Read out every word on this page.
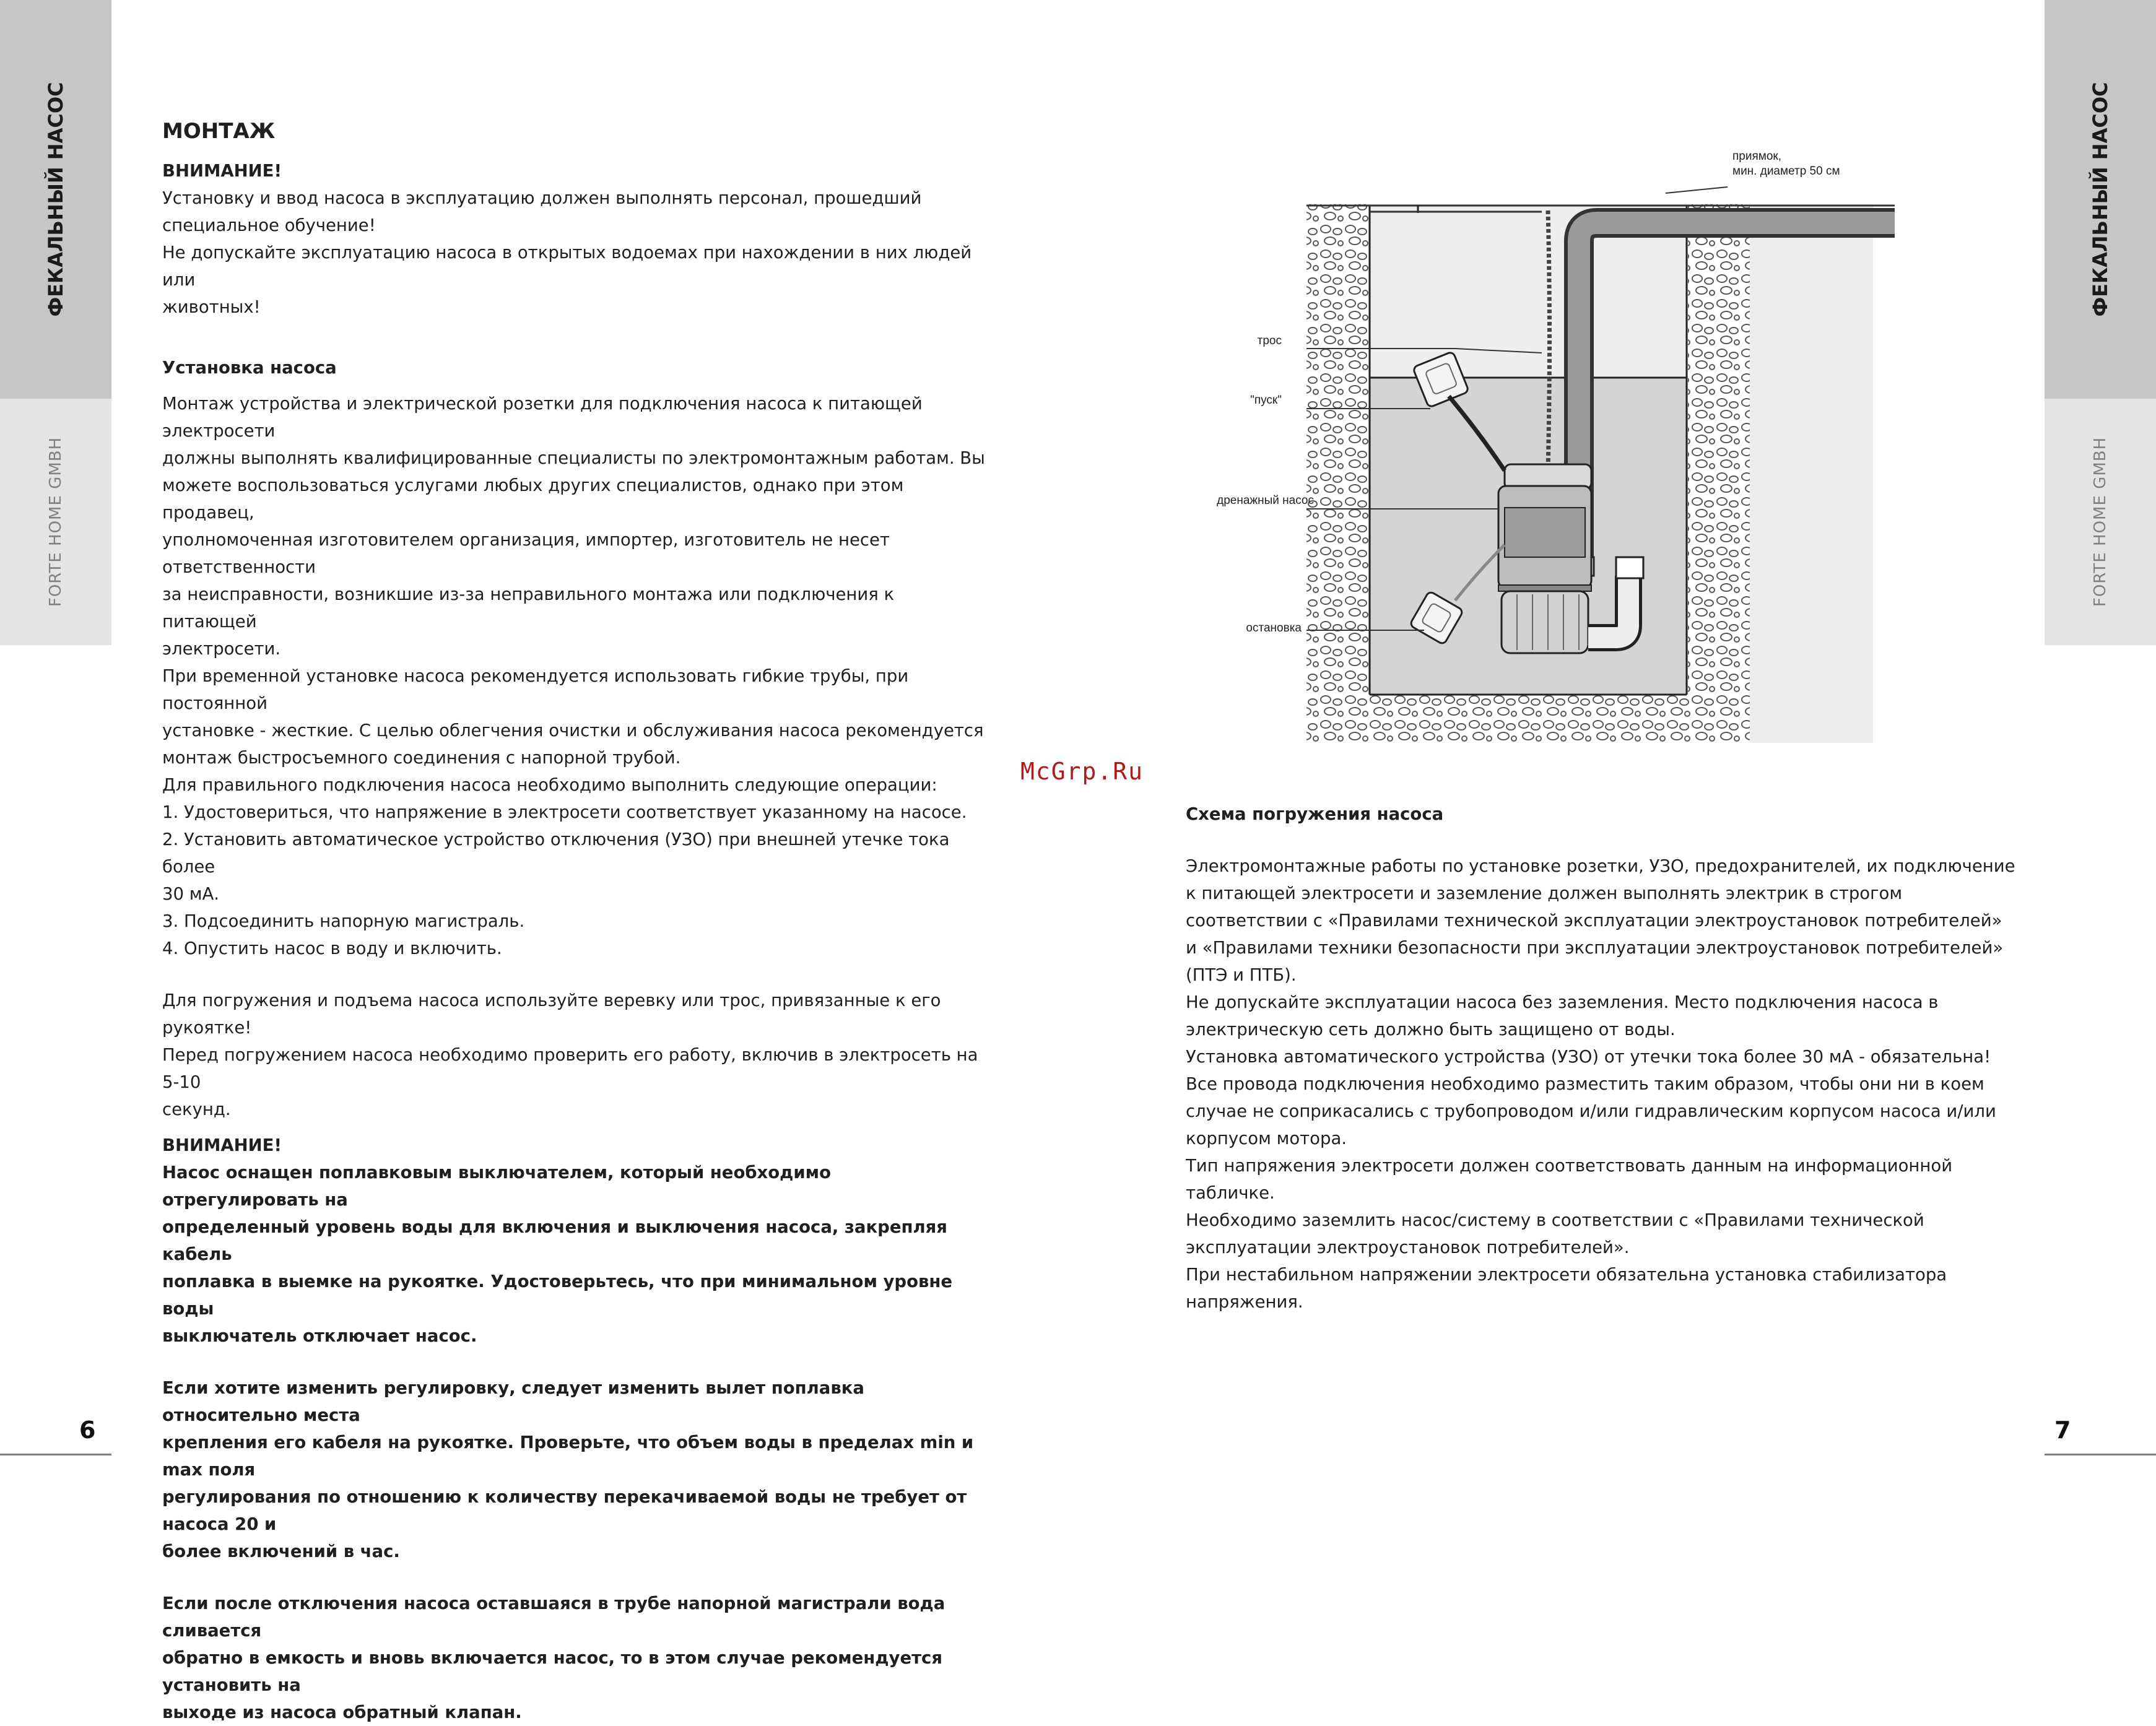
ФЕКАЛЬНЫЙ НАСОС
FORTE HOME GMBH
ФЕКАЛЬНЫЙ НАСОС
FORTE HOME GMBH

МОНТАЖ

ВНИМАНИЕ!

Установку и ввод насоса в эксплуатацию должен выполнять персонал, прошедший

специальное обучение!

Не допускайте эксплуатацию насоса в открытых водоемах при нахождении в них людей или

животных!

Установка насоса

Монтаж устройства и электрической розетки для подключения насоса к питающей электросети

должны выполнять квалифицированные специалисты по электромонтажным работам. Вы

можете воспользоваться услугами любых других специалистов, однако при этом продавец,

уполномоченная изготовителем организация, импортер, изготовитель не несет ответственности

за неисправности, возникшие из-за неправильного монтажа или подключения к питающей

электросети.

При временной установке насоса рекомендуется использовать гибкие трубы, при постоянной

установке - жесткие. С целью облегчения очистки и обслуживания насоса рекомендуется

монтаж быстросъемного соединения с напорной трубой.

Для правильного подключения насоса необходимо выполнить следующие операции:

1. Удостовериться, что напряжение в электросети соответствует указанному на насосе.

2. Установить автоматическое устройство отключения (УЗО) при внешней утечке тока более

30 мА.

3. Подсоединить напорную магистраль.

4. Опустить насос в воду и включить.

Для погружения и подъема насоса используйте веревку или трос, привязанные к его рукоятке!

Перед погружением насоса необходимо проверить его работу, включив в электросеть на 5-10

секунд.

ВНИМАНИЕ!

Насос оснащен поплавковым выключателем, который необходимо отрегулировать на

определенный уровень воды для включения и выключения насоса, закрепляя кабель

поплавка в выемке на рукоятке. Удостоверьтесь, что при минимальном уровне воды

выключатель отключает насос.

Если хотите изменить регулировку, следует изменить вылет поплавка относительно места

крепления его кабеля на рукоятке. Проверьте, что объем воды в пределах min и max поля

регулирования по отношению к количеству перекачиваемой воды не требует от насоса 20 и

более включений в час.

Если после отключения насоса оставшаяся в трубе напорной магистрали вода сливается

обратно в емкость и вновь включается насос, то в этом случае рекомендуется установить на

выходе из насоса обратный клапан.

6	7
McGrp.Ru
приямок,
мин. диаметр 50 см
трос
"пуск"
дренажный насос
остановка

Схема погружения насоса

Электромонтажные работы по установке розетки, УЗО, предохранителей, их подключение

к питающей электросети и заземление должен выполнять электрик в строгом

соответствии с «Правилами технической эксплуатации электроустановок потребителей»

и «Правилами техники безопасности при эксплуатации электроустановок потребителей»

(ПТЭ и ПТБ).

Не допускайте эксплуатации насоса без заземления. Место подключения насоса в

электрическую сеть должно быть защищено от воды.

Установка автоматического устройства (УЗО) от утечки тока более 30 мА - обязательна!

Все провода подключения необходимо разместить таким образом, чтобы они ни в коем

случае не соприкасались с трубопроводом и/или гидравлическим корпусом насоса и/или

корпусом мотора.

Тип напряжения электросети должен соответствовать данным на информационной

табличке.

Необходимо заземлить насос/систему в соответствии с «Правилами технической

эксплуатации электроустановок потребителей».

При нестабильном напряжении электросети обязательна установка стабилизатора

напряжения.
